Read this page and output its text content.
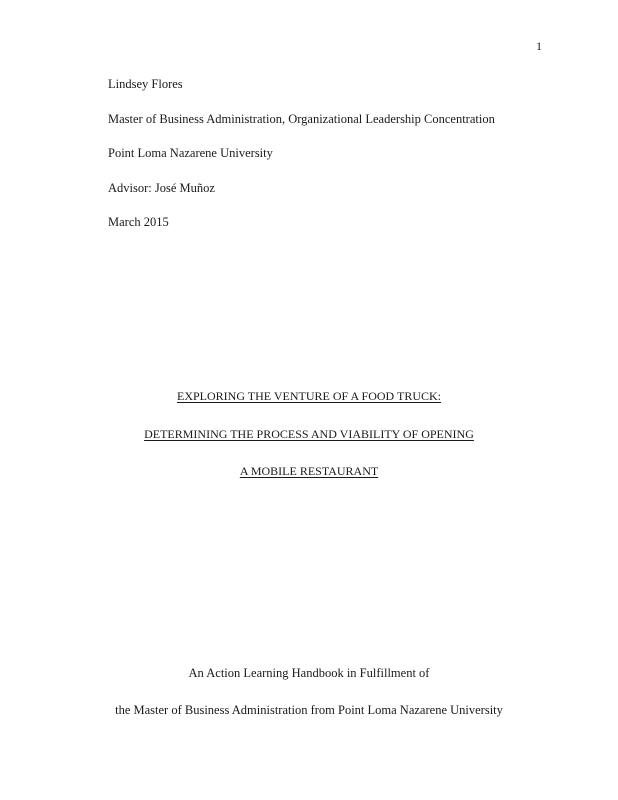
1
Lindsey Flores
Master of Business Administration, Organizational Leadership Concentration
Point Loma Nazarene University
Advisor: José Muñoz
March 2015
EXPLORING THE VENTURE OF A FOOD TRUCK:
DETERMINING THE PROCESS AND VIABILITY OF OPENING
A MOBILE RESTAURANT
An Action Learning Handbook in Fulfillment of
the Master of Business Administration from Point Loma Nazarene University
